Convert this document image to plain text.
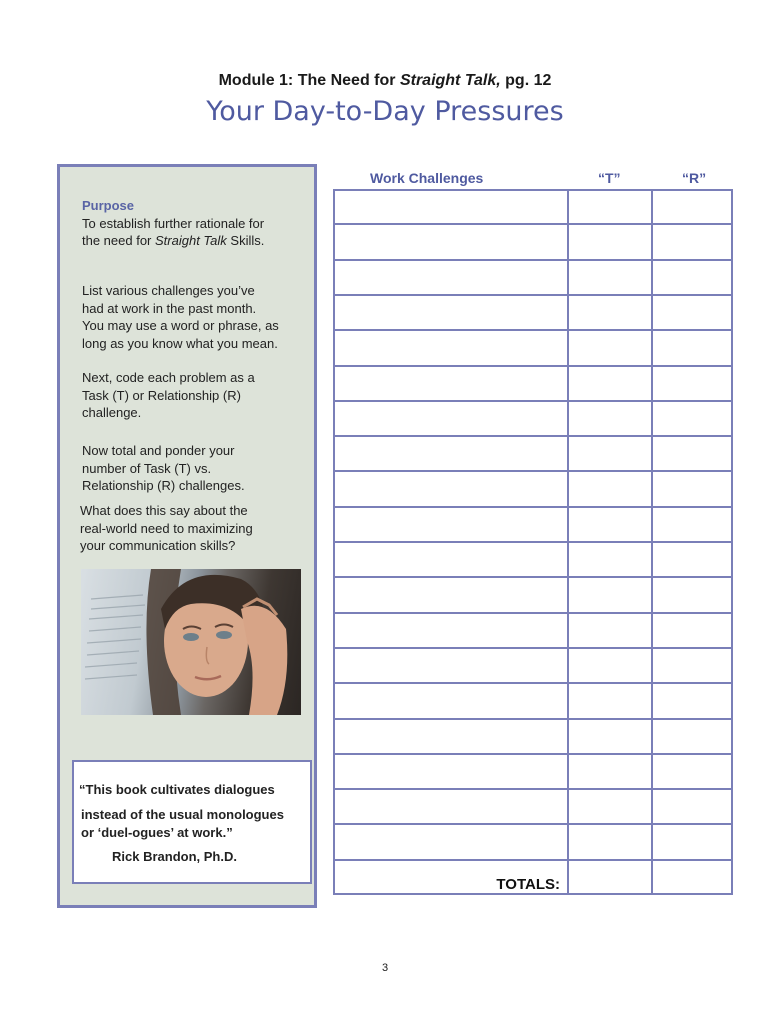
Module 1: The Need for Straight Talk, pg. 12
Your Day-to-Day Pressures
Purpose
To establish further rationale for
the need for Straight Talk Skills.
List various challenges you’ve
had at work in the past month.
You may use a word or phrase, as
long as you know what you mean.
Next, code each problem as a
Task (T) or Relationship (R)
challenge.
Now total and ponder your
number of Task (T) vs.
Relationship (R) challenges.
What does this say about the
real-world need to maximizing
your communication skills?
“This book cultivates dialogues
instead of the usual monologues
or ‘duel-ogues’ at work.”
Rick Brandon, Ph.D.
Work Challenges	“T”	“R”
TOTALS:
3
